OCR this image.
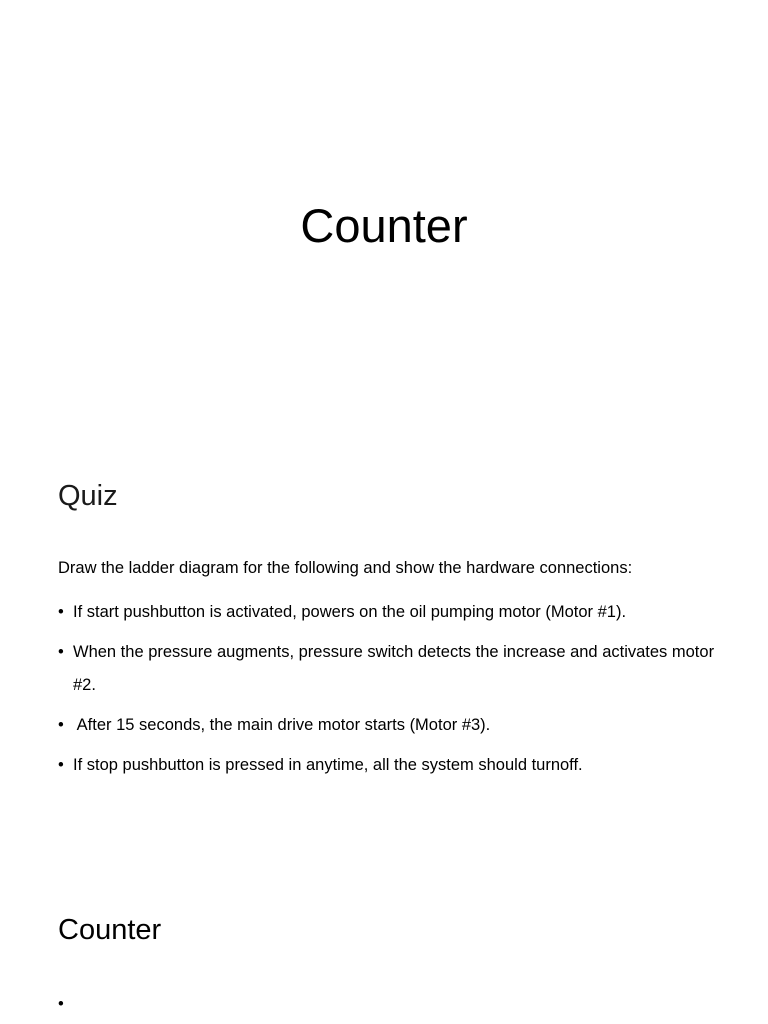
Counter
Quiz

Draw the ladder diagram for the following and show the hardware connections:

• If start pushbutton is activated, powers on the oil pumping motor (Motor #1).
• When the pressure augments, pressure switch detects the increase and activates motor #2.
• After 15 seconds, the main drive motor starts (Motor #3).
• If stop pushbutton is pressed in anytime, all the system should turnoff.
Counter
•
